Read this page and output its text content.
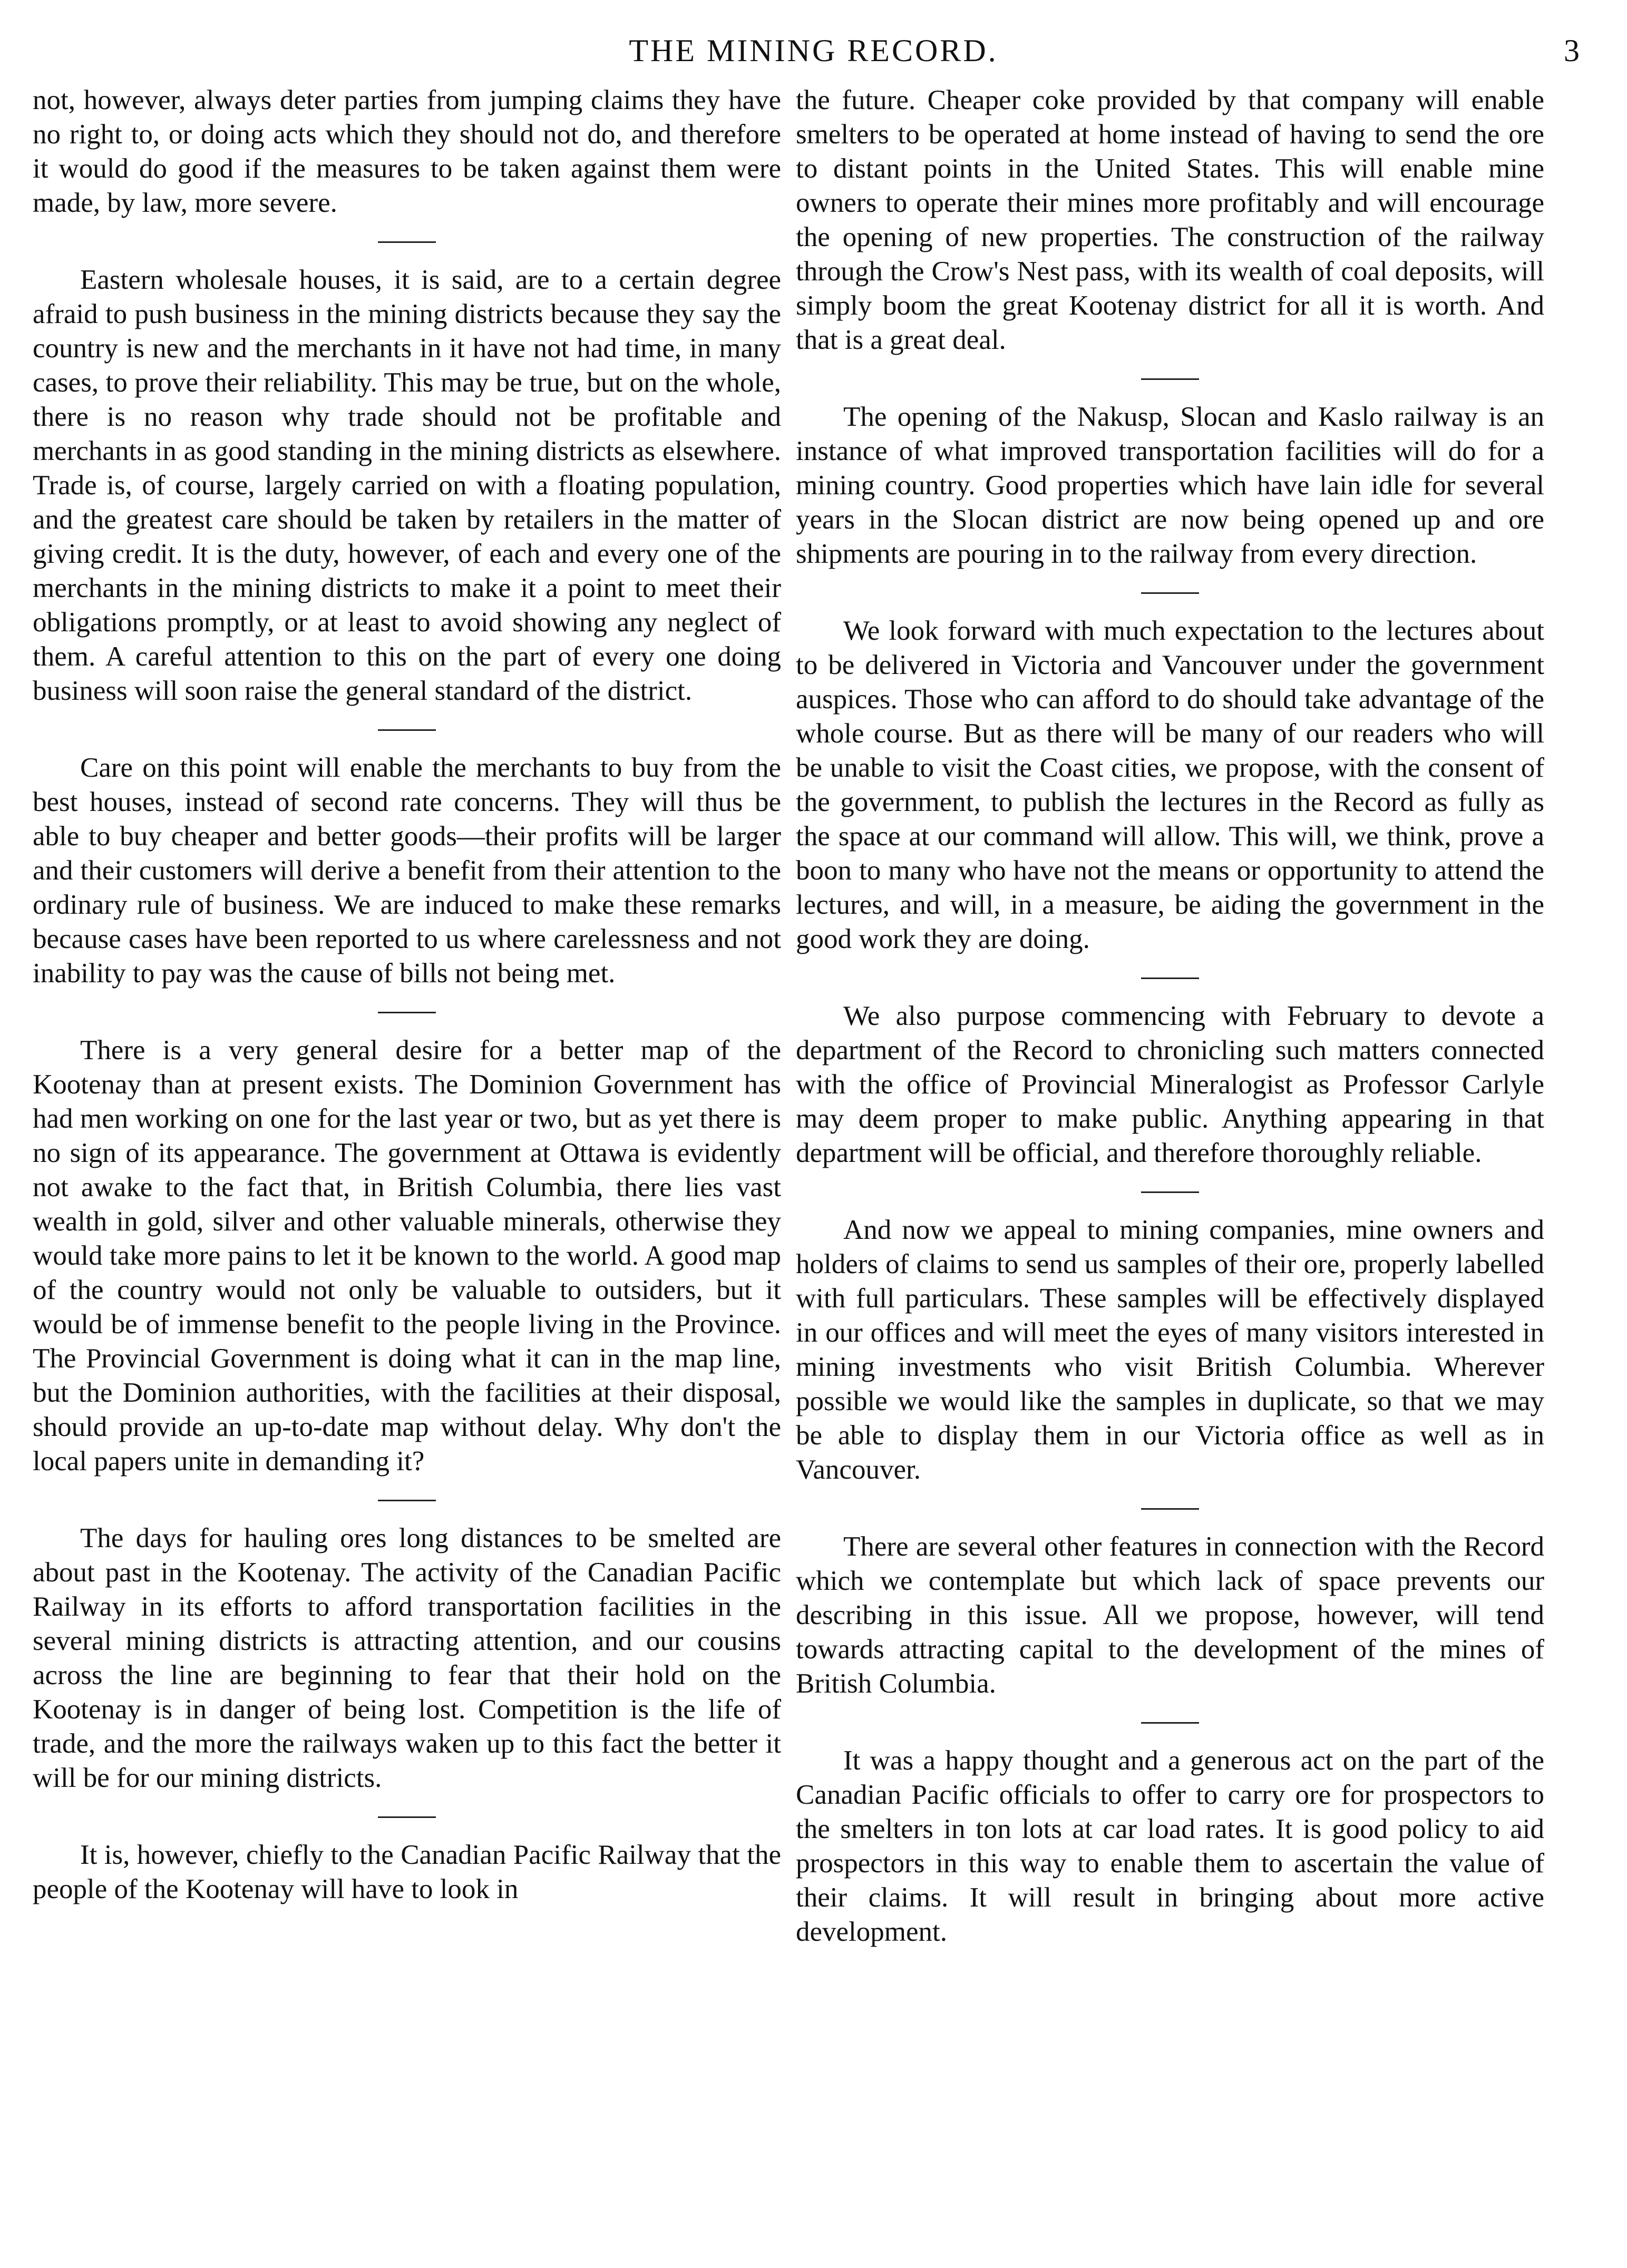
THE MINING RECORD.	3

not, however, always deter parties from jumping claims they have no right to, or doing acts which they should not do, and therefore it would do good if the measures to be taken against them were made, by law, more severe.

Eastern wholesale houses, it is said, are to a certain degree afraid to push business in the mining districts because they say the country is new and the merchants in it have not had time, in many cases, to prove their reliability. This may be true, but on the whole, there is no reason why trade should not be profitable and merchants in as good standing in the mining districts as elsewhere. Trade is, of course, largely carried on with a floating population, and the greatest care should be taken by retailers in the matter of giving credit. It is the duty, however, of each and every one of the merchants in the mining districts to make it a point to meet their obligations promptly, or at least to avoid showing any neglect of them. A careful attention to this on the part of every one doing business will soon raise the general standard of the district.

Care on this point will enable the merchants to buy from the best houses, instead of second rate concerns. They will thus be able to buy cheaper and better goods—their profits will be larger and their customers will derive a benefit from their attention to the ordinary rule of business. We are induced to make these remarks because cases have been reported to us where carelessness and not inability to pay was the cause of bills not being met.

There is a very general desire for a better map of the Kootenay than at present exists. The Dominion Government has had men working on one for the last year or two, but as yet there is no sign of its appearance. The government at Ottawa is evidently not awake to the fact that, in British Columbia, there lies vast wealth in gold, silver and other valuable minerals, otherwise they would take more pains to let it be known to the world. A good map of the country would not only be valuable to outsiders, but it would be of immense benefit to the people living in the Province. The Provincial Government is doing what it can in the map line, but the Dominion authorities, with the facilities at their disposal, should provide an up-to-date map without delay. Why don't the local papers unite in demanding it?

The days for hauling ores long distances to be smelted are about past in the Kootenay. The activity of the Canadian Pacific Railway in its efforts to afford transportation facilities in the several mining districts is attracting attention, and our cousins across the line are beginning to fear that their hold on the Kootenay is in danger of being lost. Competition is the life of trade, and the more the railways waken up to this fact the better it will be for our mining districts.

It is, however, chiefly to the Canadian Pacific Railway that the people of the Kootenay will have to look in

the future. Cheaper coke provided by that company will enable smelters to be operated at home instead of having to send the ore to distant points in the United States. This will enable mine owners to operate their mines more profitably and will encourage the opening of new properties. The construction of the railway through the Crow's Nest pass, with its wealth of coal deposits, will simply boom the great Kootenay district for all it is worth. And that is a great deal.

The opening of the Nakusp, Slocan and Kaslo railway is an instance of what improved transportation facilities will do for a mining country. Good properties which have lain idle for several years in the Slocan district are now being opened up and ore shipments are pouring in to the railway from every direction.

We look forward with much expectation to the lectures about to be delivered in Victoria and Vancouver under the government auspices. Those who can afford to do should take advantage of the whole course. But as there will be many of our readers who will be unable to visit the Coast cities, we propose, with the consent of the government, to publish the lectures in the Record as fully as the space at our command will allow. This will, we think, prove a boon to many who have not the means or opportunity to attend the lectures, and will, in a measure, be aiding the government in the good work they are doing.

We also purpose commencing with February to devote a department of the Record to chronicling such matters connected with the office of Provincial Mineralogist as Professor Carlyle may deem proper to make public. Anything appearing in that department will be official, and therefore thoroughly reliable.

And now we appeal to mining companies, mine owners and holders of claims to send us samples of their ore, properly labelled with full particulars. These samples will be effectively displayed in our offices and will meet the eyes of many visitors interested in mining investments who visit British Columbia. Wherever possible we would like the samples in duplicate, so that we may be able to display them in our Victoria office as well as in Vancouver.

There are several other features in connection with the Record which we contemplate but which lack of space prevents our describing in this issue. All we propose, however, will tend towards attracting capital to the development of the mines of British Columbia.

It was a happy thought and a generous act on the part of the Canadian Pacific officials to offer to carry ore for prospectors to the smelters in ton lots at car load rates. It is good policy to aid prospectors in this way to enable them to ascertain the value of their claims. It will result in bringing about more active development.
